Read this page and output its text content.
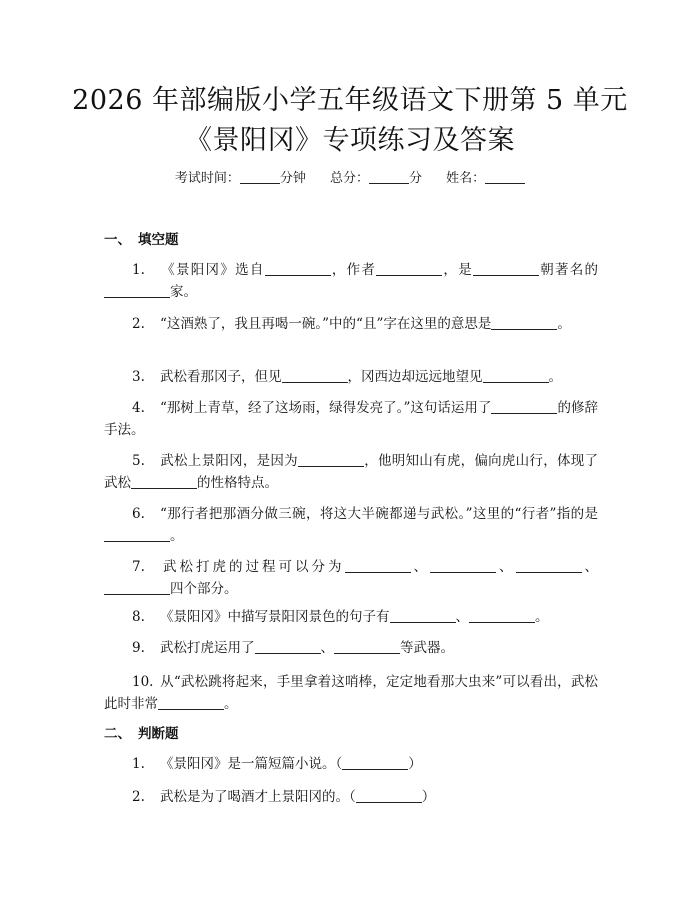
2026 年部编版小学五年级语文下册第 5 单元
《景阳冈》专项练习及答案
考试时间：	分钟 总分：	分 姓名：
一、 填空题
1. 《景阳冈》选自	，作者	，是	朝著名的家。
2. “这酒熟了，我且再喝一碗。”中的“且”字在这里的意思是	。
3. 武松看那冈子，但见	，冈西边却远远地望见	。
4. “那树上青草，经了这场雨，绿得发亮了。”这句话运用了	的修辞手法。
5. 武松上景阳冈，是因为	，他明知山有虎，偏向虎山行，体现了武松	的性格特点。
6. “那行者把那酒分做三碗，将这大半碗都递与武松。”这里的“行者”指的是。
7. 武松打虎的过程可以分为	、	、	、四个部分。
8. 《景阳冈》中描写景阳冈景色的句子有	、	。
9. 武松打虎运用了	、	等武器。
10. 从“武松跳将起来，手里拿着这哨棒，定定地看那大虫来”可以看出，武松此时非常	。
二、 判断题
1. 《景阳冈》是一篇短篇小说。（	）
2. 武松是为了喝酒才上景阳冈的。（	）
